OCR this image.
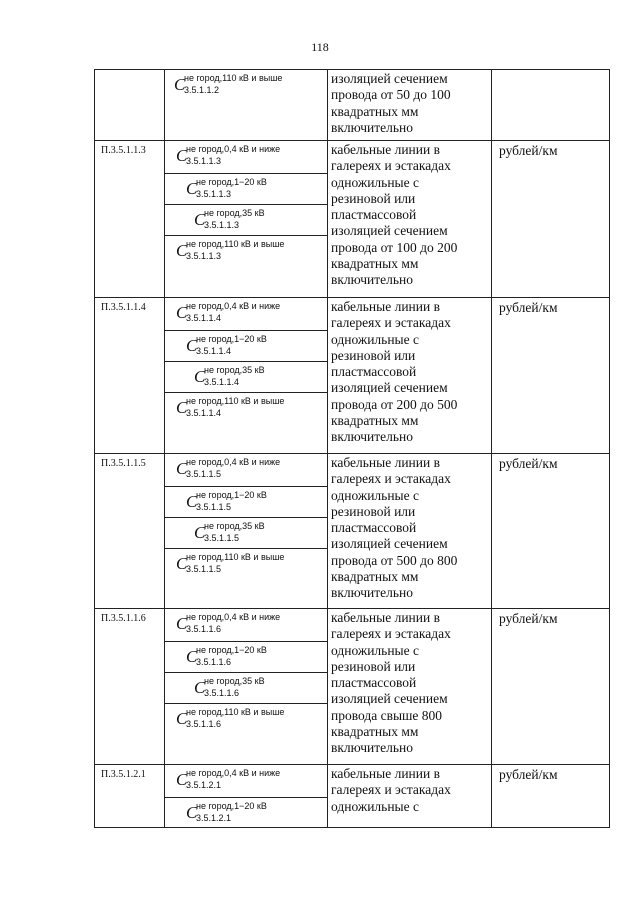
118
C
не город,110 кВ и выше
3.5.1.1.2
изоляцией сечением
провода от 50 до 100
квадратных мм
включительно
П.3.5.1.1.3 C
не город,0,4 кВ и ниже
3.5.1.1.3
C
не город,1−20 кВ
3.5.1.1.3
C
не город,35 кВ
3.5.1.1.3
C
не город,110 кВ и выше
3.5.1.1.3
кабельные линии в
галереях и эстакадах
одножильные с
резиновой или
пластмассовой
изоляцией сечением
провода от 100 до 200
квадратных мм
включительно
рублей/км
П.3.5.1.1.4 C
не город,0,4 кВ и ниже
3.5.1.1.4
C
не город,1−20 кВ
3.5.1.1.4
C
не город,35 кВ
3.5.1.1.4
C
не город,110 кВ и выше
3.5.1.1.4
кабельные линии в
галереях и эстакадах
одножильные с
резиновой или
пластмассовой
изоляцией сечением
провода от 200 до 500
квадратных мм
включительно
рублей/км
П.3.5.1.1.5 C
не город,0,4 кВ и ниже
3.5.1.1.5
C
не город,1−20 кВ
3.5.1.1.5
C
не город,35 кВ
3.5.1.1.5
C
не город,110 кВ и выше
3.5.1.1.5
кабельные линии в
галереях и эстакадах
одножильные с
резиновой или
пластмассовой
изоляцией сечением
провода от 500 до 800
квадратных мм
включительно
рублей/км
П.3.5.1.1.6 C
не город,0,4 кВ и ниже
3.5.1.1.6
C
не город,1−20 кВ
3.5.1.1.6
C
не город,35 кВ
3.5.1.1.6
C
не город,110 кВ и выше
3.5.1.1.6
кабельные линии в
галереях и эстакадах
одножильные с
резиновой или
пластмассовой
изоляцией сечением
провода свыше 800
квадратных мм
включительно
рублей/км
П.3.5.1.2.1 C
не город,0,4 кВ и ниже
3.5.1.2.1
C
не город,1−20 кВ
3.5.1.2.1
кабельные линии в
галереях и эстакадах
одножильные с
рублей/км
